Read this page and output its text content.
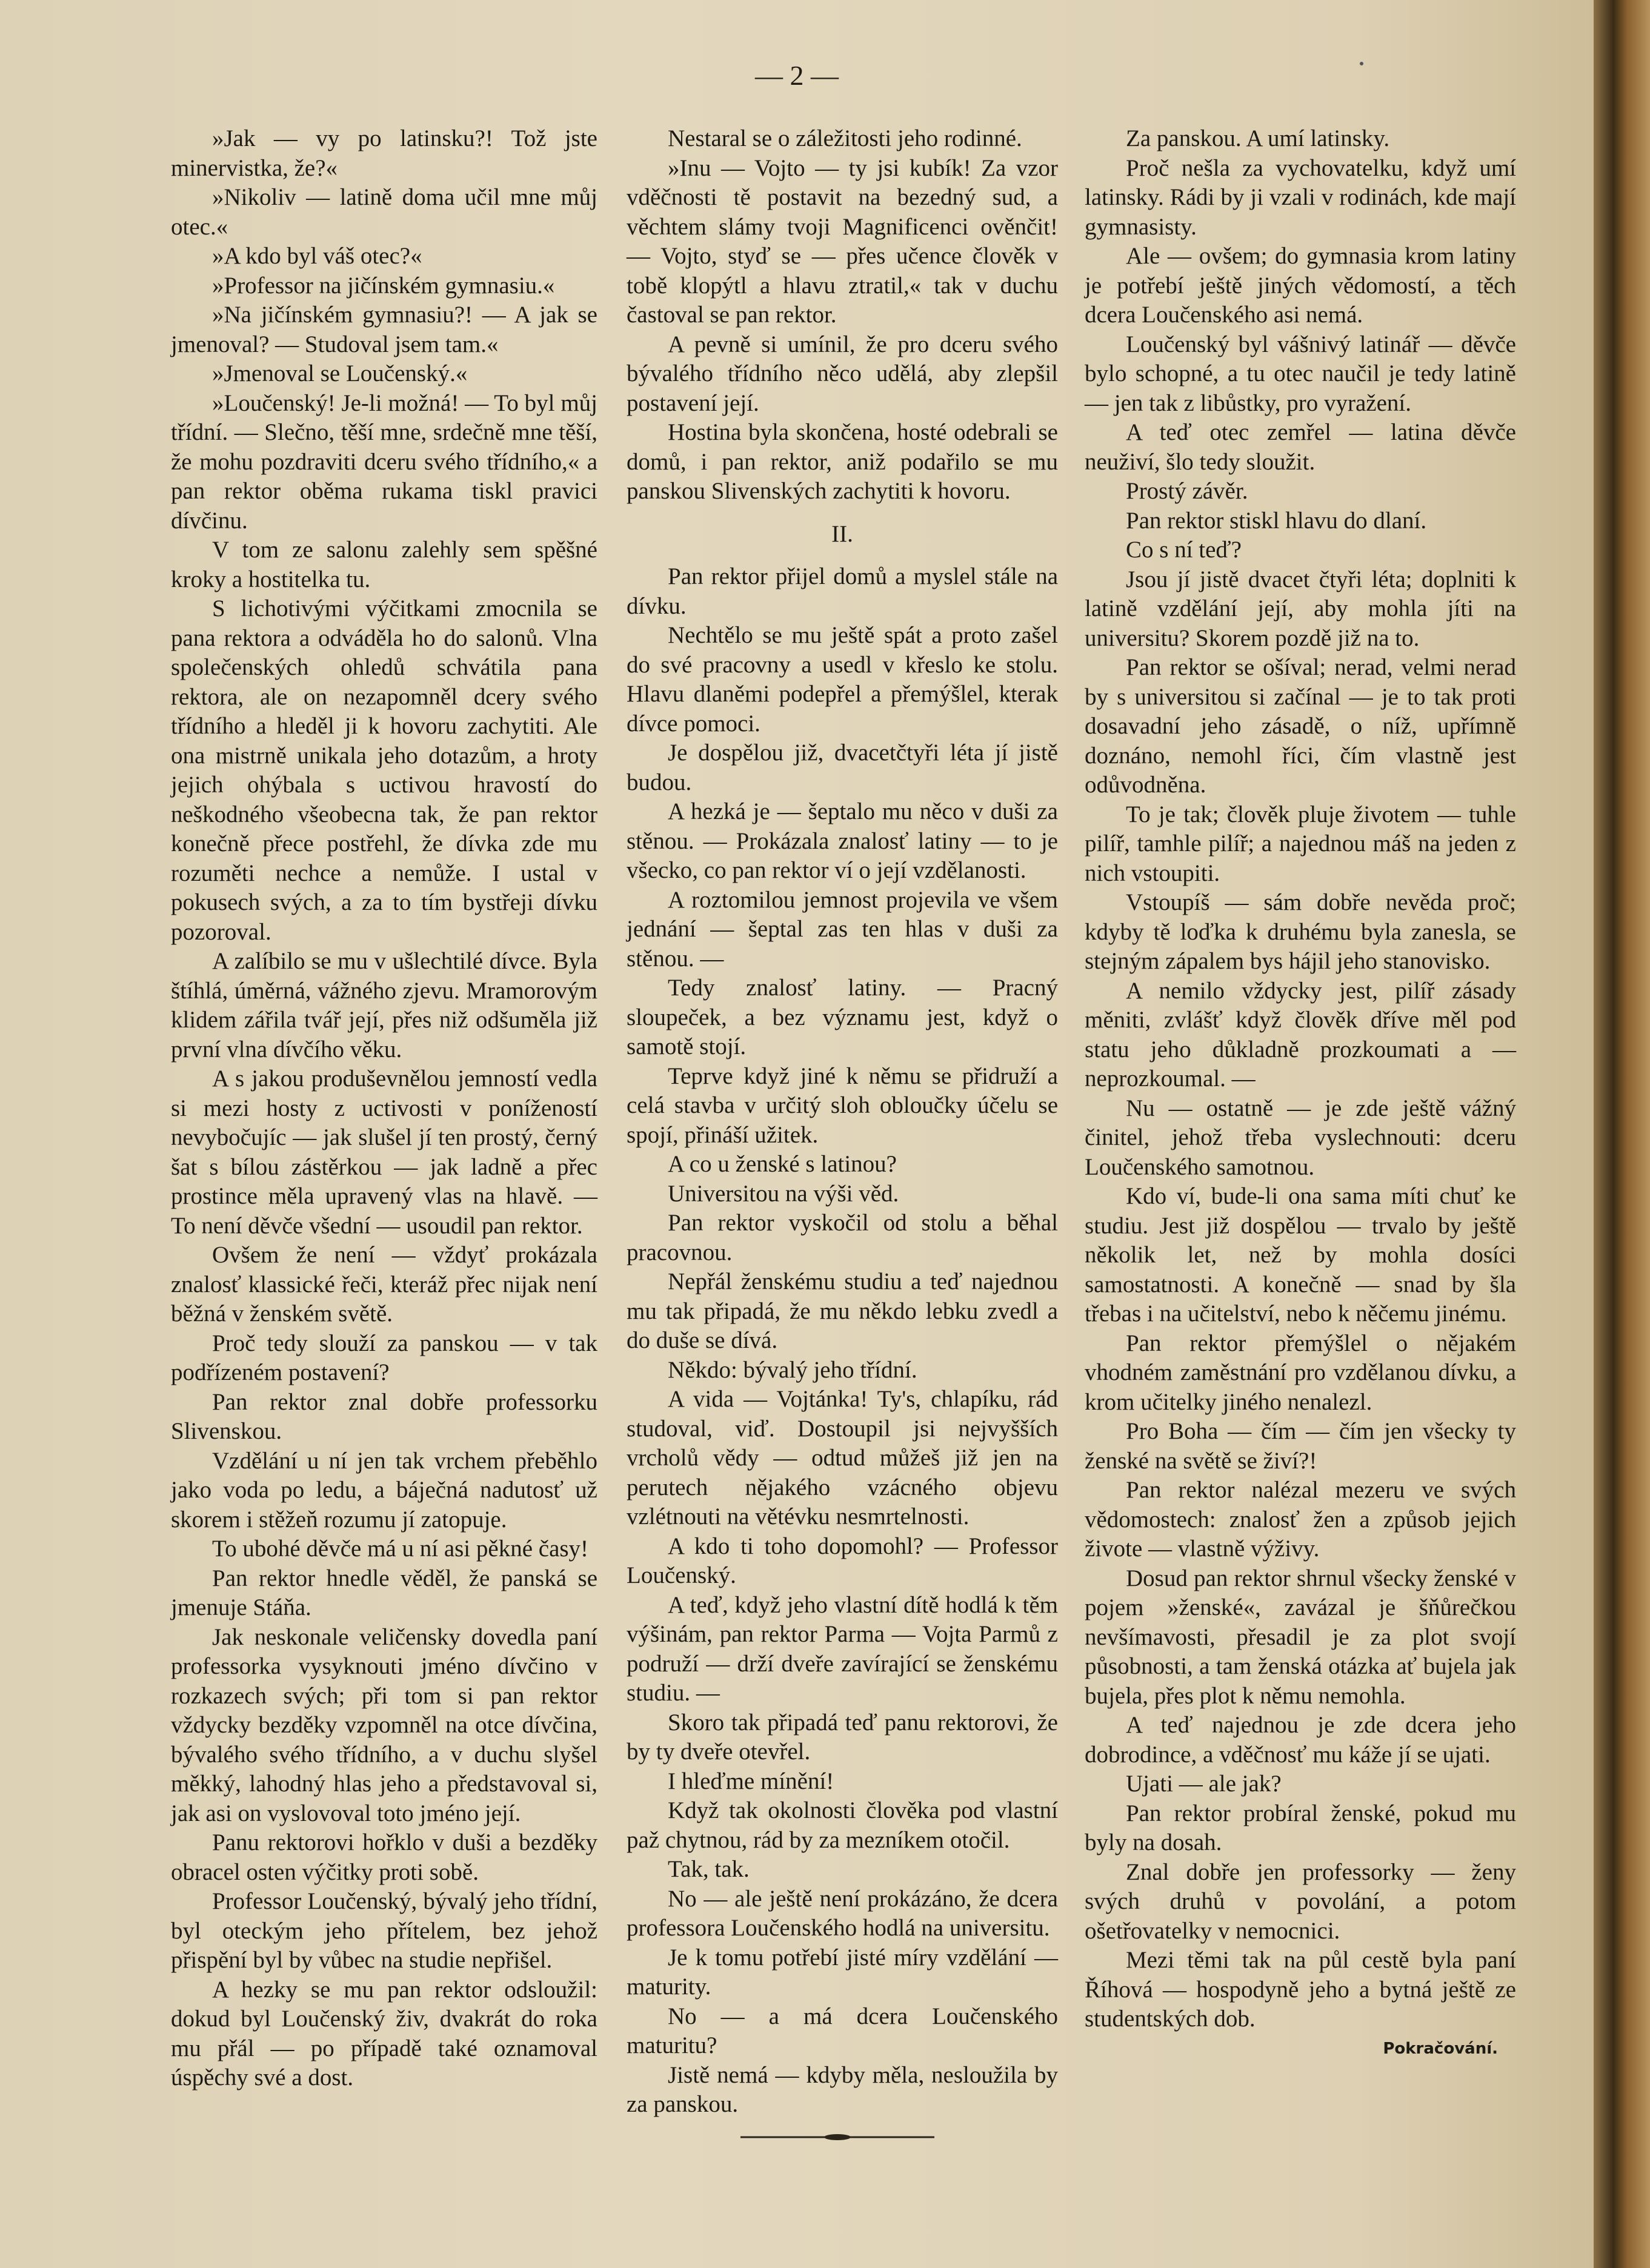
— 2 —

»Jak — vy po latinsku?! Tož jste minervistka, že?«

»Nikoliv — latině doma učil mne můj otec.«

»A kdo byl váš otec?«

»Professor na jičínském gymnasiu.«

»Na jičínském gymnasiu?! — A jak se jmenoval? — Studoval jsem tam.«

»Jmenoval se Loučenský.«

»Loučenský! Je-li možná! — To byl můj třídní. — Slečno, těší mne, srdečně mne těší, že mohu pozdraviti dceru svého třídního,« a pan rektor oběma rukama tiskl pravici dívčinu.

V tom ze salonu zalehly sem spěšné kroky a hostitelka tu.

S lichotivými výčitkami zmocnila se pana rektora a odváděla ho do salonů. Vlna společenských ohledů schvátila pana rektora, ale on nezapomněl dcery svého třídního a hleděl ji k hovoru zachytiti. Ale ona mistrně unikala jeho dotazům, a hroty jejich ohýbala s uctivou hravostí do neškodného všeobecna tak, že pan rektor konečně přece postřehl, že dívka zde mu rozuměti nechce a nemůže. I ustal v pokusech svých, a za to tím bystřeji dívku pozoroval.

A zalíbilo se mu v ušlechtilé dívce. Byla štíhlá, úměrná, vážného zjevu. Mramorovým klidem zářila tvář její, přes niž odšuměla již první vlna dívčího věku.

A s jakou produševnělou jemností vedla si mezi hosty z uctivosti v ponížeností nevybočujíc — jak slušel jí ten prostý, černý šat s bílou zástěrkou — jak ladně a přec prostince měla upravený vlas na hlavě. — To není děvče všední — usoudil pan rektor.

Ovšem že není — vždyť prokázala znalosť klassické řeči, kteráž přec nijak není běžná v ženském světě.

Proč tedy slouží za panskou — v tak podřízeném postavení?

Pan rektor znal dobře professorku Slivenskou.

Vzdělání u ní jen tak vrchem přeběhlo jako voda po ledu, a báječná nadutosť už skorem i stěžeň rozumu jí zatopuje.

To ubohé děvče má u ní asi pěkné časy!

Pan rektor hnedle věděl, že panská se jmenuje Stáňa.

Jak neskonale veličensky dovedla paní professorka vysyknouti jméno dívčino v rozkazech svých; při tom si pan rektor vždycky bezděky vzpomněl na otce dívčina, bývalého svého třídního, a v duchu slyšel měkký, lahodný hlas jeho a představoval si, jak asi on vyslovoval toto jméno její.

Panu rektorovi hořklo v duši a bezděky obracel osten výčitky proti sobě.

Professor Loučenský, bývalý jeho třídní, byl oteckým jeho přítelem, bez jehož přispění byl by vůbec na studie nepřišel.

A hezky se mu pan rektor odsloužil: dokud byl Loučenský živ, dvakrát do roka mu přál — po případě také oznamoval úspěchy své a dost.

Nestaral se o záležitosti jeho rodinné.

»Inu — Vojto — ty jsi kubík! Za vzor vděčnosti tě postavit na bezedný sud, a věchtem slámy tvoji Magnificenci ověnčit! — Vojto, styď se — přes učence člověk v tobě klopýtl a hlavu ztratil,« tak v duchu častoval se pan rektor.

A pevně si umínil, že pro dceru svého bývalého třídního něco udělá, aby zlepšil postavení její.

Hostina byla skončena, hosté odebrali se domů, i pan rektor, aniž podařilo se mu panskou Slivenských zachytiti k hovoru.

II.

Pan rektor přijel domů a myslel stále na dívku.

Nechtělo se mu ještě spát a proto zašel do své pracovny a usedl v křeslo ke stolu. Hlavu dlaněmi podepřel a přemýšlel, kterak dívce pomoci.

Je dospělou již, dvacetčtyři léta jí jistě budou.

A hezká je — šeptalo mu něco v duši za stěnou. — Prokázala znalosť latiny — to je všecko, co pan rektor ví o její vzdělanosti.

A roztomilou jemnost projevila ve všem jednání — šeptal zas ten hlas v duši za stěnou. —

Tedy znalosť latiny. — Pracný sloupeček, a bez významu jest, když o samotě stojí.

Teprve když jiné k němu se přidruží a celá stavba v určitý sloh obloučky účelu se spojí, přináší užitek.

A co u ženské s latinou?

Universitou na výši věd.

Pan rektor vyskočil od stolu a běhal pracovnou.

Nepřál ženskému studiu a teď najednou mu tak připadá, že mu někdo lebku zvedl a do duše se dívá.

Někdo: bývalý jeho třídní.

A vida — Vojtánka! Ty's, chlapíku, rád studoval, viď. Dostoupil jsi nejvyšších vrcholů vědy — odtud můžeš již jen na perutech nějakého vzácného objevu vzlétnouti na větévku nesmrtelnosti.

A kdo ti toho dopomohl? — Professor Loučenský.

A teď, když jeho vlastní dítě hodlá k těm výšinám, pan rektor Parma — Vojta Parmů z podruží — drží dveře zavírající se ženskému studiu. —

Skoro tak připadá teď panu rektorovi, že by ty dveře otevřel.

I hleďme mínění!

Když tak okolnosti člověka pod vlastní paž chytnou, rád by za mezníkem otočil.

Tak, tak.

No — ale ještě není prokázáno, že dcera professora Loučenského hodlá na universitu.

Je k tomu potřebí jisté míry vzdělání — maturity.

No — a má dcera Loučenského maturitu?

Jistě nemá — kdyby měla, nesloužila by za panskou.

Za panskou. A umí latinsky.

Proč nešla za vychovatelku, když umí latinsky. Rádi by ji vzali v rodinách, kde mají gymnasisty.

Ale — ovšem; do gymnasia krom latiny je potřebí ještě jiných vědomostí, a těch dcera Loučenského asi nemá.

Loučenský byl vášnivý latinář — děvče bylo schopné, a tu otec naučil je tedy latině — jen tak z libůstky, pro vyražení.

A teď otec zemřel — latina děvče neuživí, šlo tedy sloužit.

Prostý závěr.

Pan rektor stiskl hlavu do dlaní.

Co s ní teď?

Jsou jí jistě dvacet čtyři léta; doplniti k latině vzdělání její, aby mohla jíti na universitu? Skorem pozdě již na to.

Pan rektor se ošíval; nerad, velmi nerad by s universitou si začínal — je to tak proti dosavadní jeho zásadě, o níž, upřímně doznáno, nemohl říci, čím vlastně jest odůvodněna.

To je tak; člověk pluje životem — tuhle pilíř, tamhle pilíř; a najednou máš na jeden z nich vstoupiti.

Vstoupíš — sám dobře nevěda proč; kdyby tě loďka k druhému byla zanesla, se stejným zápalem bys hájil jeho stanovisko.

A nemilo vždycky jest, pilíř zásady měniti, zvlášť když člověk dříve měl pod statu jeho důkladně prozkoumati a — neprozkoumal. —

Nu — ostatně — je zde ještě vážný činitel, jehož třeba vyslechnouti: dceru Loučenského samotnou.

Kdo ví, bude-li ona sama míti chuť ke studiu. Jest již dospělou — trvalo by ještě několik let, než by mohla dosíci samostatnosti. A konečně — snad by šla třebas i na učitelství, nebo k něčemu jinému.

Pan rektor přemýšlel o nějakém vhodném zaměstnání pro vzdělanou dívku, a krom učitelky jiného nenalezl.

Pro Boha — čím — čím jen všecky ty ženské na světě se živí?!

Pan rektor nalézal mezeru ve svých vědomostech: znalosť žen a způsob jejich živote — vlastně výživy.

Dosud pan rektor shrnul všecky ženské v pojem »ženské«, zavázal je šňůrečkou nevšímavosti, přesadil je za plot svojí působnosti, a tam ženská otázka ať bujela jak bujela, přes plot k němu nemohla.

A teď najednou je zde dcera jeho dobrodince, a vděčnosť mu káže jí se ujati.

Ujati — ale jak?

Pan rektor probíral ženské, pokud mu byly na dosah.

Znal dobře jen professorky — ženy svých druhů v povolání, a potom ošetřovatelky v nemocnici.

Mezi těmi tak na půl cestě byla paní Říhová — hospodyně jeho a bytná ještě ze studentských dob.

Pokračování.
